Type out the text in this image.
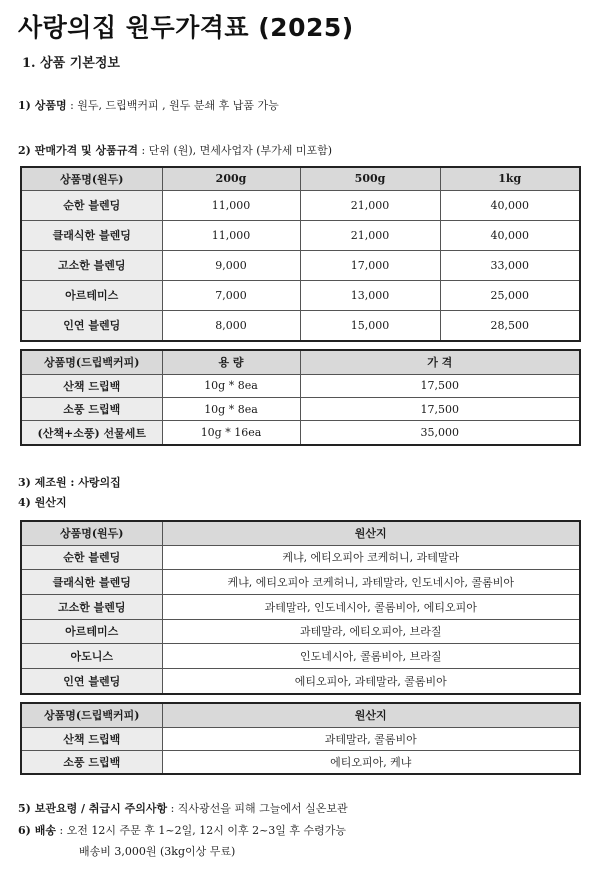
사랑의집 원두가격표 (2025)
1. 상품 기본정보
1) 상품명 : 원두, 드립백커피 , 원두 분쇄 후 납품 가능
2) 판매가격 및 상품규격 : 단위 (원), 면세사업자 (부가세 미포함)
상품명(원두)	200g	500g	1kg
순한 블렌딩	11,000	21,000	40,000
클래식한 블렌딩	11,000	21,000	40,000
고소한 블렌딩	9,000	17,000	33,000
아르테미스	7,000	13,000	25,000
인연 블렌딩	8,000	15,000	28,500
상품명(드립백커피)	용 량	가 격
산책 드립백	10g * 8ea	17,500
소풍 드립백	10g * 8ea	17,500
(산책+소풍) 선물세트	10g * 16ea	35,000
3) 제조원 : 사랑의집
4) 원산지
상품명(원두)	원산지
순한 블렌딩	케냐, 에티오피아 코케허니, 과테말라
클래식한 블렌딩	케냐, 에티오피아 코케허니, 과테말라, 인도네시아, 콜롬비아
고소한 블렌딩	과테말라, 인도네시아, 콜롬비아, 에티오피아
아르테미스	과테말라, 에티오피아, 브라질
아도니스	인도네시아, 콜롬비아, 브라질
인연 블렌딩	에티오피아, 과테말라, 콜롬비아
상품명(드립백커피)	원산지
산책 드립백	과테말라, 콜롬비아
소풍 드립백	에티오피아, 케냐
5) 보관요령 / 취급시 주의사항 : 직사광선을 피해 그늘에서 실온보관
6) 배송 : 오전 12시 주문 후 1~2일, 12시 이후 2~3일 후 수령가능
배송비 3,000원 (3kg이상 무료)
